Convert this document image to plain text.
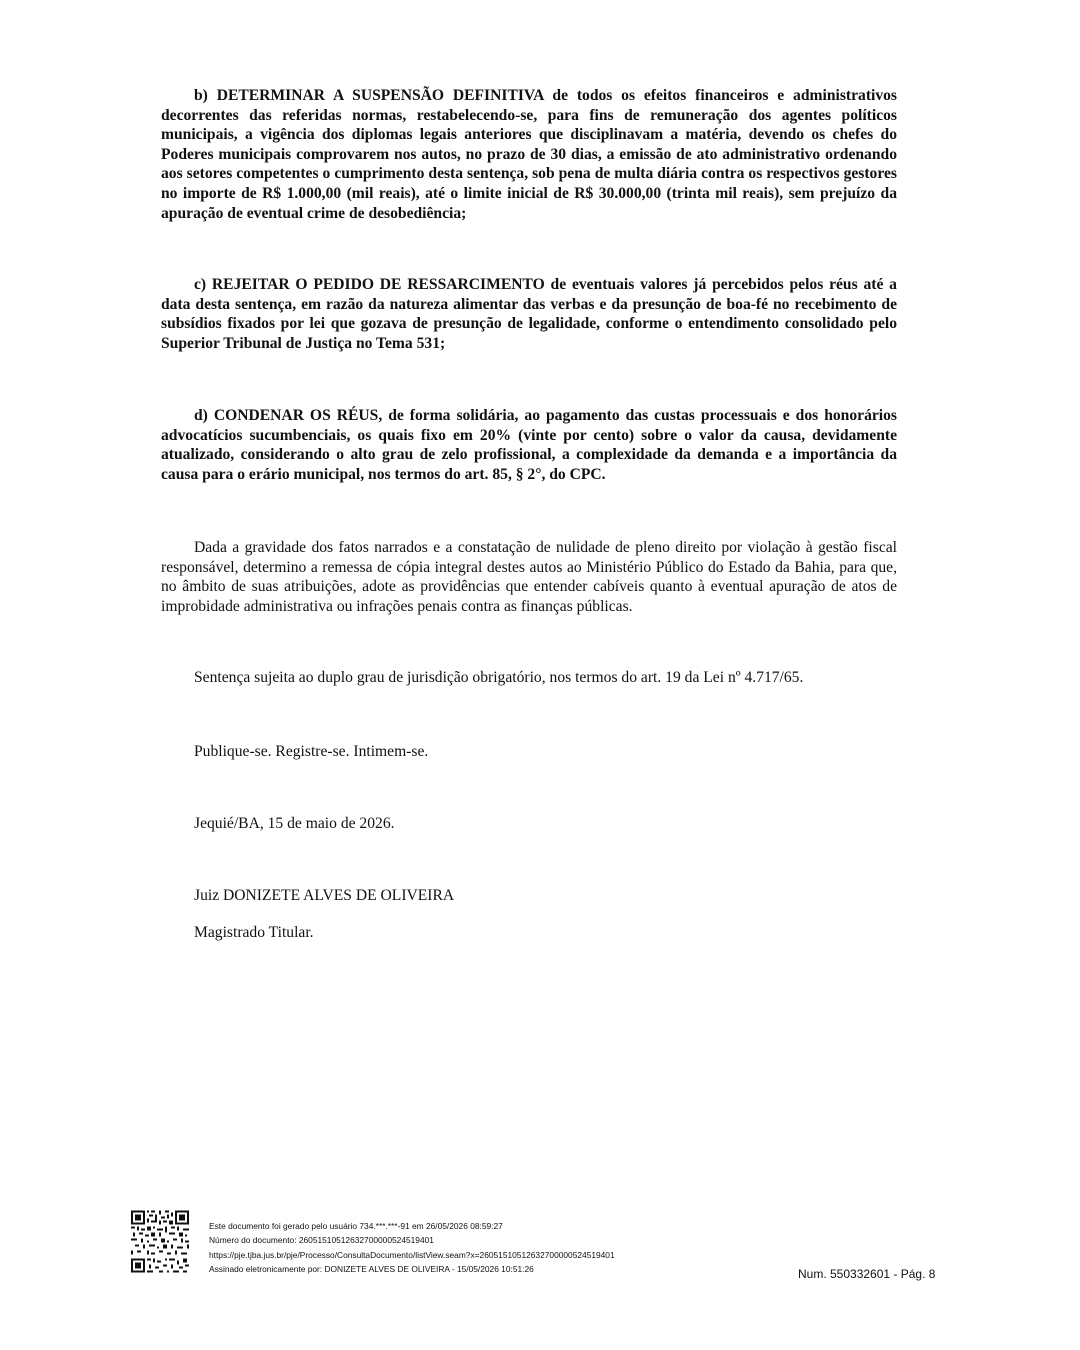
b) DETERMINAR A SUSPENSÃO DEFINITIVA de todos os efeitos financeiros e administrativos decorrentes das referidas normas, restabelecendo-se, para fins de remuneração dos agentes políticos municipais, a vigência dos diplomas legais anteriores que disciplinavam a matéria, devendo os chefes do Poderes municipais comprovarem nos autos, no prazo de 30 dias, a emissão de ato administrativo ordenando aos setores competentes o cumprimento desta sentença, sob pena de multa diária contra os respectivos gestores no importe de R$ 1.000,00 (mil reais), até o limite inicial de R$ 30.000,00 (trinta mil reais), sem prejuízo da apuração de eventual crime de desobediência;

c) REJEITAR O PEDIDO DE RESSARCIMENTO de eventuais valores já percebidos pelos réus até a data desta sentença, em razão da natureza alimentar das verbas e da presunção de boa-fé no recebimento de subsídios fixados por lei que gozava de presunção de legalidade, conforme o entendimento consolidado pelo Superior Tribunal de Justiça no Tema 531;

d) CONDENAR OS RÉUS, de forma solidária, ao pagamento das custas processuais e dos honorários advocatícios sucumbenciais, os quais fixo em 20% (vinte por cento) sobre o valor da causa, devidamente atualizado, considerando o alto grau de zelo profissional, a complexidade da demanda e a importância da causa para o erário municipal, nos termos do art. 85, § 2°, do CPC.

Dada a gravidade dos fatos narrados e a constatação de nulidade de pleno direito por violação à gestão fiscal responsável, determino a remessa de cópia integral destes autos ao Ministério Público do Estado da Bahia, para que, no âmbito de suas atribuições, adote as providências que entender cabíveis quanto à eventual apuração de atos de improbidade administrativa ou infrações penais contra as finanças públicas.

Sentença sujeita ao duplo grau de jurisdição obrigatório, nos termos do art. 19 da Lei nº 4.717/65.

Publique-se. Registre-se. Intimem-se.

Jequié/BA, 15 de maio de 2026.

Juiz DONIZETE ALVES DE OLIVEIRA

Magistrado Titular.

Este documento foi gerado pelo usuário 734.***.***-91 em 26/05/2026 08:59:27
Número do documento: 26051510512632700000524519401
https://pje.tjba.jus.br/pje/Processo/ConsultaDocumento/listView.seam?x=26051510512632700000524519401
Assinado eletronicamente por: DONIZETE ALVES DE OLIVEIRA - 15/05/2026 10:51:26	Num. 550332601 - Pág. 8
